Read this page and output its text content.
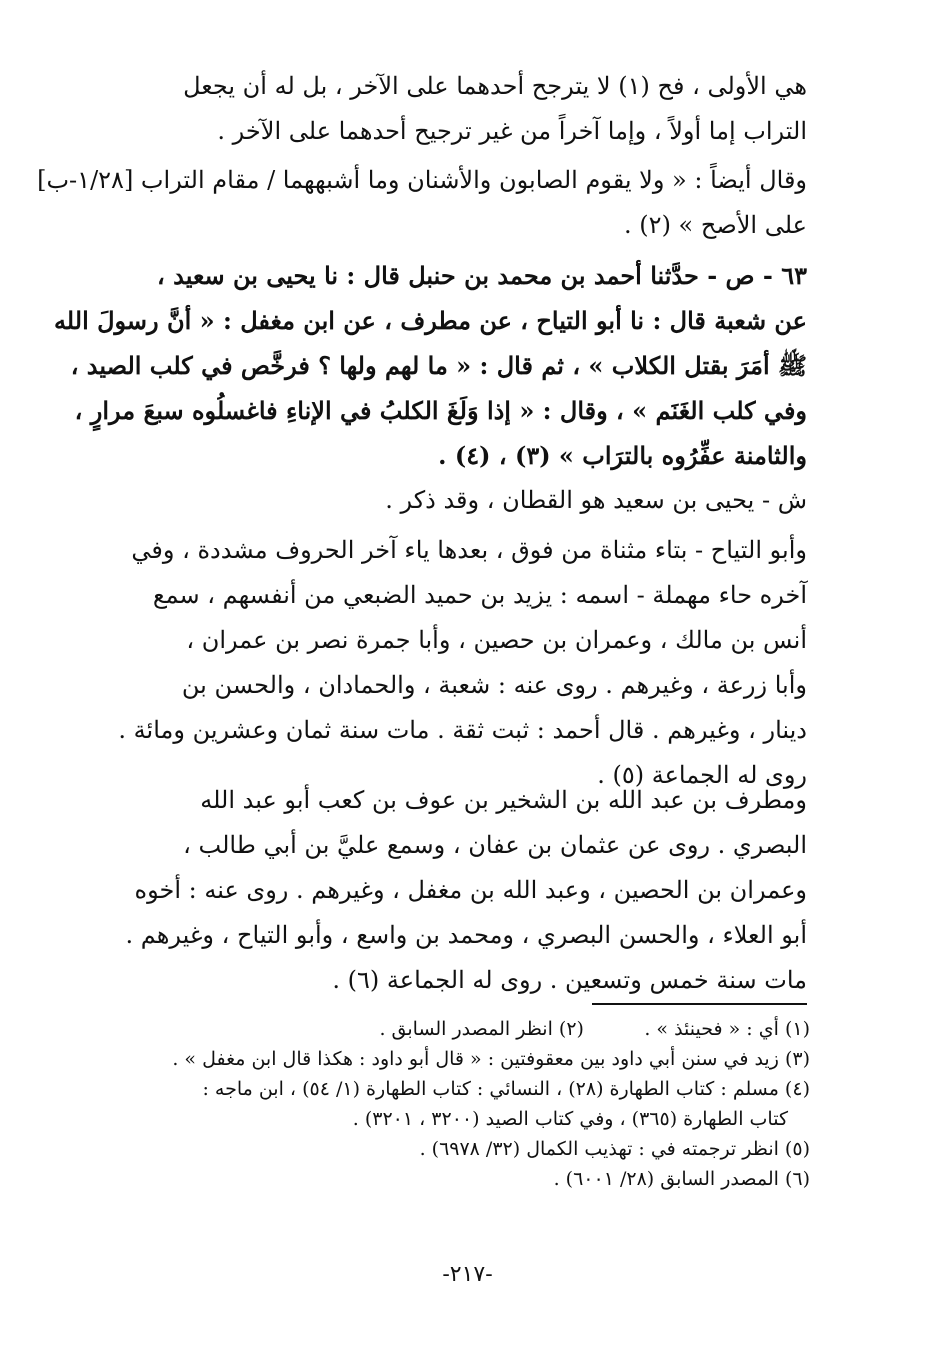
هي الأولى ، فح (١) لا يترجح أحدهما على الآخر ، بل له أن يجعل
التراب إما أولاً ، وإما آخراً من غير ترجيح أحدهما على الآخر .
وقال أيضاً : « ولا يقوم الصابون والأشنان وما أشبههما / مقام التراب [١/٢٨-ب]
على الأصح » (٢) .
٦٣ - ص - حدَّثنا أحمد بن محمد بن حنبل قال : نا يحيى بن سعيد ،
عن شعبة قال : نا أبو التياح ، عن مطرف ، عن ابن مغفل : « أنَّ رسولَ الله
ﷺ أمَرَ بقتل الكلاب » ، ثم قال : « ما لهم ولها ؟ فرخَّص في كلب الصيد ،
وفي كلب الغَنَم » ، وقال : « إذا وَلَغَ الكلبُ في الإناءِ فاغسلُوه سبعَ مرارٍ ،
والثامنة عفِّرُوه بالترَاب » (٣) ، (٤) .
ش - يحيى بن سعيد هو القطان ، وقد ذكر .
وأبو التياح - بتاء مثناة من فوق ، بعدها ياء آخر الحروف مشددة ، وفي
آخره حاء مهملة - اسمه : يزيد بن حميد الضبعي من أنفسهم ، سمع
أنس بن مالك ، وعمران بن حصين ، وأبا جمرة نصر بن عمران ،
وأبا زرعة ، وغيرهم . روى عنه : شعبة ، والحمادان ، والحسن بن
دينار ، وغيرهم . قال أحمد : ثبت ثقة . مات سنة ثمان وعشرين ومائة .
روى له الجماعة (٥) .
ومطرف بن عبد الله بن الشخير بن عوف بن كعب أبو عبد الله
البصري . روى عن عثمان بن عفان ، وسمع عليَّ بن أبي طالب ،
وعمران بن الحصين ، وعبد الله بن مغفل ، وغيرهم . روى عنه : أخوه
أبو العلاء ، والحسن البصري ، ومحمد بن واسع ، وأبو التياح ، وغيرهم .
مات سنة خمس وتسعين . روى له الجماعة (٦) .
(١) أي : « فحينئذ » .          (٢) انظر المصدر السابق .
(٣) زيد في سنن أبي داود بين معقوفتين : « قال أبو داود : هكذا قال ابن مغفل » .
(٤) مسلم : كتاب الطهارة (٢٨) ، النسائي : كتاب الطهارة (١/ ٥٤) ، ابن ماجه :
كتاب الطهارة (٣٦٥) ، وفي كتاب الصيد (٣٢٠٠ ، ٣٢٠١) .
(٥) انظر ترجمته في : تهذيب الكمال (٣٢/ ٦٩٧٨) .
(٦) المصدر السابق (٢٨/ ٦٠٠١) .
-٢١٧-
